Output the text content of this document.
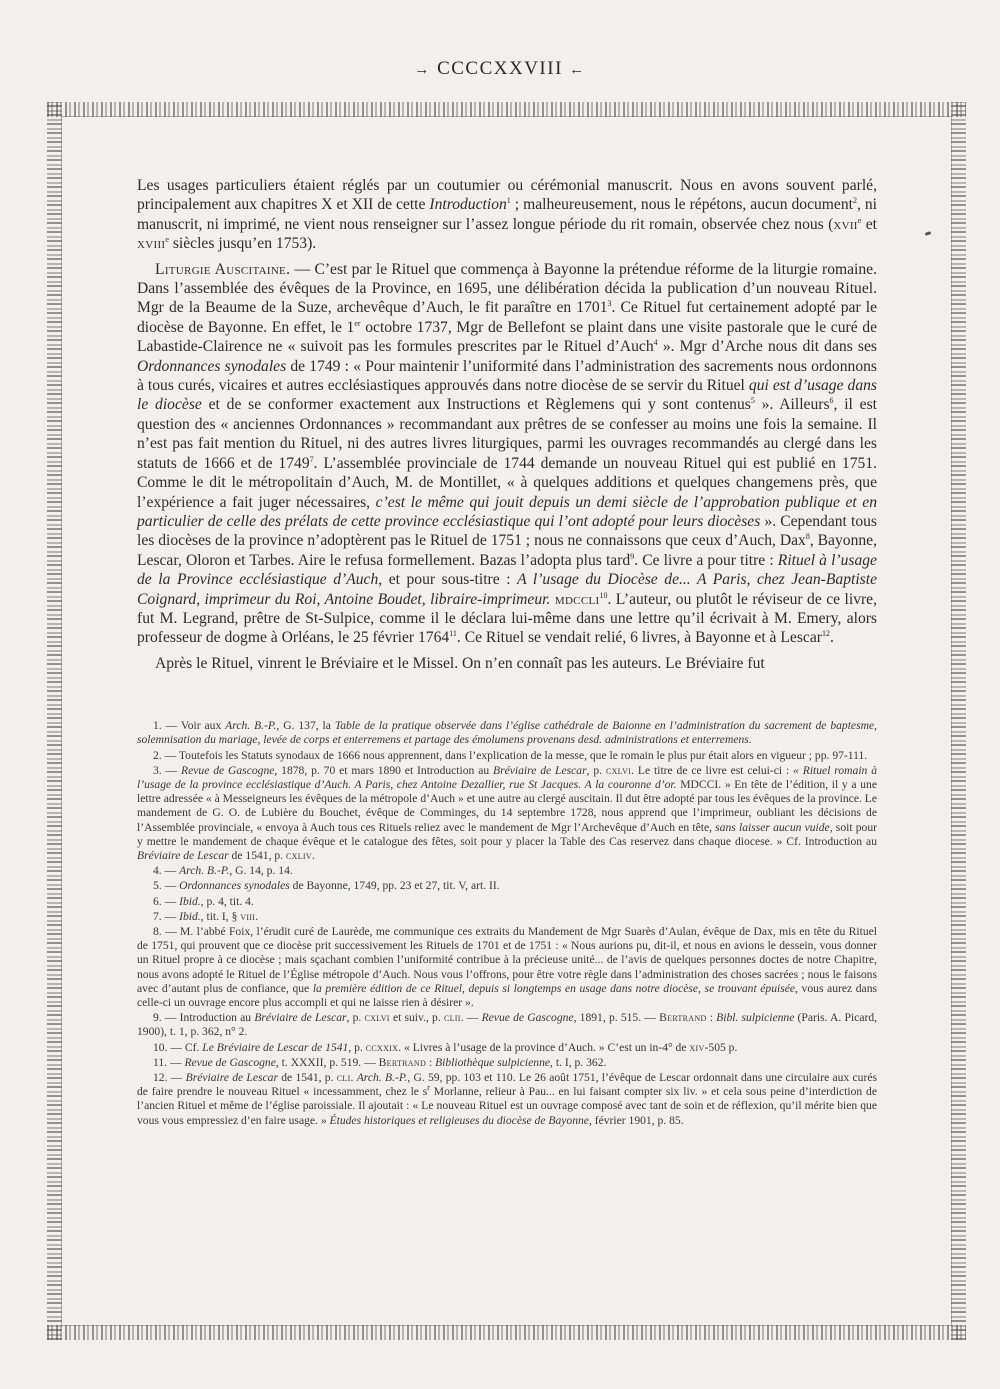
→ CCCCXXVIII ←

Les usages particuliers étaient réglés par un coutumier ou cérémonial manuscrit. Nous en avons souvent parlé, principalement aux chapitres X et XII de cette Introduction$^1$ ; malheureusement, nous le répétons, aucun document$^2$, ni manuscrit, ni imprimé, ne vient nous renseigner sur l’assez longue période du rit romain, observée chez nous (xvii$^e$ et xviii$^e$ siècles jusqu’en 1753).

Liturgie Auscitaine. — C’est par le Rituel que commença à Bayonne la prétendue réforme de la liturgie romaine. Dans l’assemblée des évêques de la Province, en 1695, une délibération décida la publication d’un nouveau Rituel. Mgr de la Beaume de la Suze, archevêque d’Auch, le fit paraître en 1701$^3$. Ce Rituel fut certainement adopté par le diocèse de Bayonne. En effet, le 1er octobre 1737, Mgr de Bellefont se plaint dans une visite pastorale que le curé de Labastide-Clairence ne « suivoit pas les formules prescrites par le Rituel d’Auch$^4$ ». Mgr d’Arche nous dit dans ses Ordonnances synodales de 1749 : « Pour maintenir l’uniformité dans l’administration des sacrements nous ordonnons à tous curés, vicaires et autres ecclésiastiques approuvés dans notre diocèse de se servir du Rituel qui est d’usage dans le diocèse et de se conformer exactement aux Instructions et Règlemens qui y sont contenus$^5$ ». Ailleurs$^6$, il est question des « anciennes Ordonnances » recommandant aux prêtres de se confesser au moins une fois la semaine. Il n’est pas fait mention du Rituel, ni des autres livres liturgiques, parmi les ouvrages recommandés au clergé dans les statuts de 1666 et de 1749$^7$. L’assemblée provinciale de 1744 demande un nouveau Rituel qui est publié en 1751. Comme le dit le métropolitain d’Auch, M. de Montillet, « à quelques additions et quelques changemens près, que l’expérience a fait juger nécessaires, c’est le même qui jouit depuis un demi siècle de l’approbation publique et en particulier de celle des prélats de cette province ecclésiastique qui l’ont adopté pour leurs diocèses ». Cependant tous les diocèses de la province n’adoptèrent pas le Rituel de 1751 ; nous ne connaissons que ceux d’Auch, Dax$^8$, Bayonne, Lescar, Oloron et Tarbes. Aire le refusa formellement. Bazas l’adopta plus tard$^9$. Ce livre a pour titre : Rituel à l’usage de la Province ecclésiastique d’Auch, et pour sous-titre : A l’usage du Diocèse de... A Paris, chez Jean-Baptiste Coignard, imprimeur du Roi, Antoine Boudet, libraire-imprimeur. mdccli$^{10}$. L’auteur, ou plutôt le réviseur de ce livre, fut M. Legrand, prêtre de St-Sulpice, comme il le déclara lui-même dans une lettre qu’il écrivait à M. Emery, alors professeur de dogme à Orléans, le 25 février 1764$^{11}$. Ce Rituel se vendait relié, 6 livres, à Bayonne et à Lescar$^{12}$.

Après le Rituel, vinrent le Bréviaire et le Missel. On n’en connaît pas les auteurs. Le Bréviaire fut

1. — Voir aux Arch. B.-P., G. 137, la Table de la pratique observée dans l’église cathédrale de Baionne en l’administration du sacrement de baptesme, solemnisation du mariage, levée de corps et enterremens et partage des émolumens provenans desd. administrations et enterremens.

2. — Toutefois les Statuts synodaux de 1666 nous apprennent, dans l’explication de la messe, que le romain le plus pur était alors en vigueur ; pp. 97-111.

3. — Revue de Gascogne, 1878, p. 70 et mars 1890 et Introduction au Bréviaire de Lescar, p. cxlvi. Le titre de ce livre est celui-ci : « Rituel romain à l’usage de la province ecclésiastique d’Auch. A Paris, chez Antoine Dezallier, rue St Jacques. A la couronne d’or. MDCCI. » En tête de l’édition, il y a une lettre adressée « à Messeigneurs les évêques de la métropole d’Auch » et une autre au clergé auscitain. Il dut être adopté par tous les évêques de la province. Le mandement de G. O. de Lubière du Bouchet, évêque de Comminges, du 14 septembre 1728, nous apprend que l’imprimeur, oubliant les décisions de l’Assemblée provinciale, « envoya à Auch tous ces Rituels reliez avec le mandement de Mgr l’Archevêque d’Auch en tête, sans laisser aucun vuide, soit pour y mettre le mandement de chaque évêque et le catalogue des fêtes, soit pour y placer la Table des Cas reservez dans chaque diocese. » Cf. Introduction au Bréviaire de Lescar de 1541, p. cxliv.

4. — Arch. B.-P., G. 14, p. 14.

5. — Ordonnances synodales de Bayonne, 1749, pp. 23 et 27, tit. V, art. II.

6. — Ibid., p. 4, tit. 4.

7. — Ibid., tit. I, § viii.

8. — M. l’abbé Foix, l’érudit curé de Laurède, me communique ces extraits du Mandement de Mgr Suarès d’Aulan, évêque de Dax, mis en tête du Rituel de 1751, qui prouvent que ce diocèse prit successivement les Rituels de 1701 et de 1751 : « Nous aurions pu, dit-il, et nous en avions le dessein, vous donner un Rituel propre à ce diocèse ; mais sçachant combien l’uniformité contribue à la précieuse unité... de l’avis de quelques personnes doctes de notre Chapitre, nous avons adopté le Rituel de l’Église métropole d’Auch. Nous vous l’offrons, pour être votre règle dans l’administration des choses sacrées ; nous le faisons avec d’autant plus de confiance, que la première édition de ce Rituel, depuis si longtemps en usage dans notre diocèse, se trouvant épuisée, vous aurez dans celle-ci un ouvrage encore plus accompli et qui ne laisse rien à désirer ».

9. — Introduction au Bréviaire de Lescar, p. cxlvi et suiv., p. clii. — Revue de Gascogne, 1891, p. 515. — Bertrand : Bibl. sulpicienne (Paris. A. Picard, 1900), t. 1, p. 362, n° 2.

10. — Cf. Le Bréviaire de Lescar de 1541, p. ccxxix. « Livres à l’usage de la province d’Auch. » C’est un in-4° de xiv-505 p.

11. — Revue de Gascogne, t. XXXII, p. 519. — Bertrand : Bibliothèque sulpicienne, t. I, p. 362.

12. — Bréviaire de Lescar de 1541, p. cli. Arch. B.-P., G. 59, pp. 103 et 110. Le 26 août 1751, l’évêque de Lescar ordonnait dans une circulaire aux curés de faire prendre le nouveau Rituel « incessamment, chez le $s^r$ Morlanne, relieur à Pau... en lui faisant compter six liv. » et cela sous peine d’interdiction de l’ancien Rituel et même de l’église paroissiale. Il ajoutait : « Le nouveau Rituel est un ouvrage composé avec tant de soin et de réflexion, qu’il mérite bien que vous vous empressiez d’en faire usage. » Études historiques et religieuses du diocèse de Bayonne, février 1901, p. 85.
